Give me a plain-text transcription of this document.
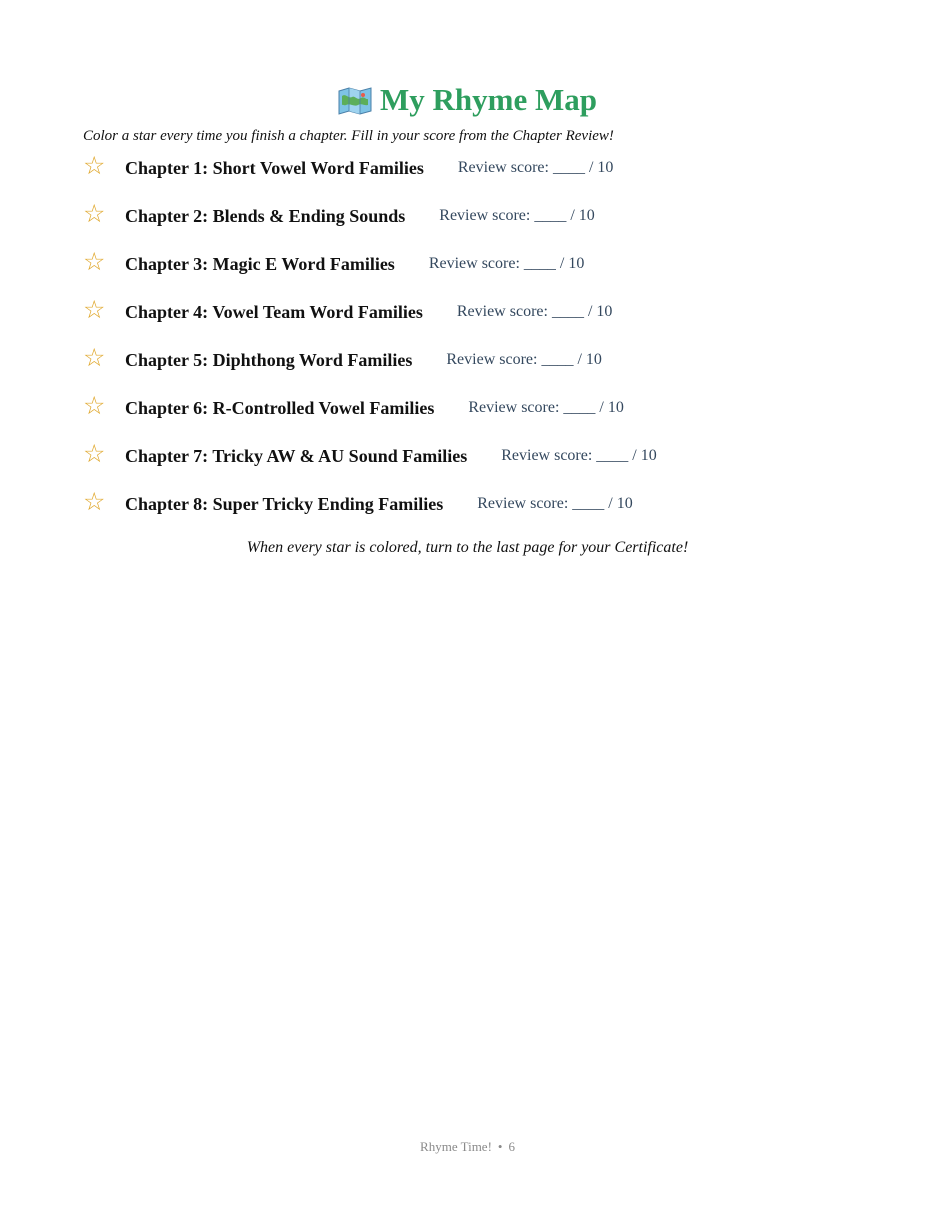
My Rhyme Map
Color a star every time you finish a chapter. Fill in your score from the Chapter Review!
☆	Chapter 1: Short Vowel Word Families Review score: ____ / 10
☆	Chapter 2: Blends & Ending Sounds Review score: ____ / 10
☆	Chapter 3: Magic E Word Families Review score: ____ / 10
☆	Chapter 4: Vowel Team Word Families Review score: ____ / 10
☆	Chapter 5: Diphthong Word Families Review score: ____ / 10
☆	Chapter 6: R-Controlled Vowel Families Review score: ____ / 10
☆	Chapter 7: Tricky AW & AU Sound Families Review score: ____ / 10
☆	Chapter 8: Super Tricky Ending Families Review score: ____ / 10
When every star is colored, turn to the last page for your Certificate!
Rhyme Time! • 6
